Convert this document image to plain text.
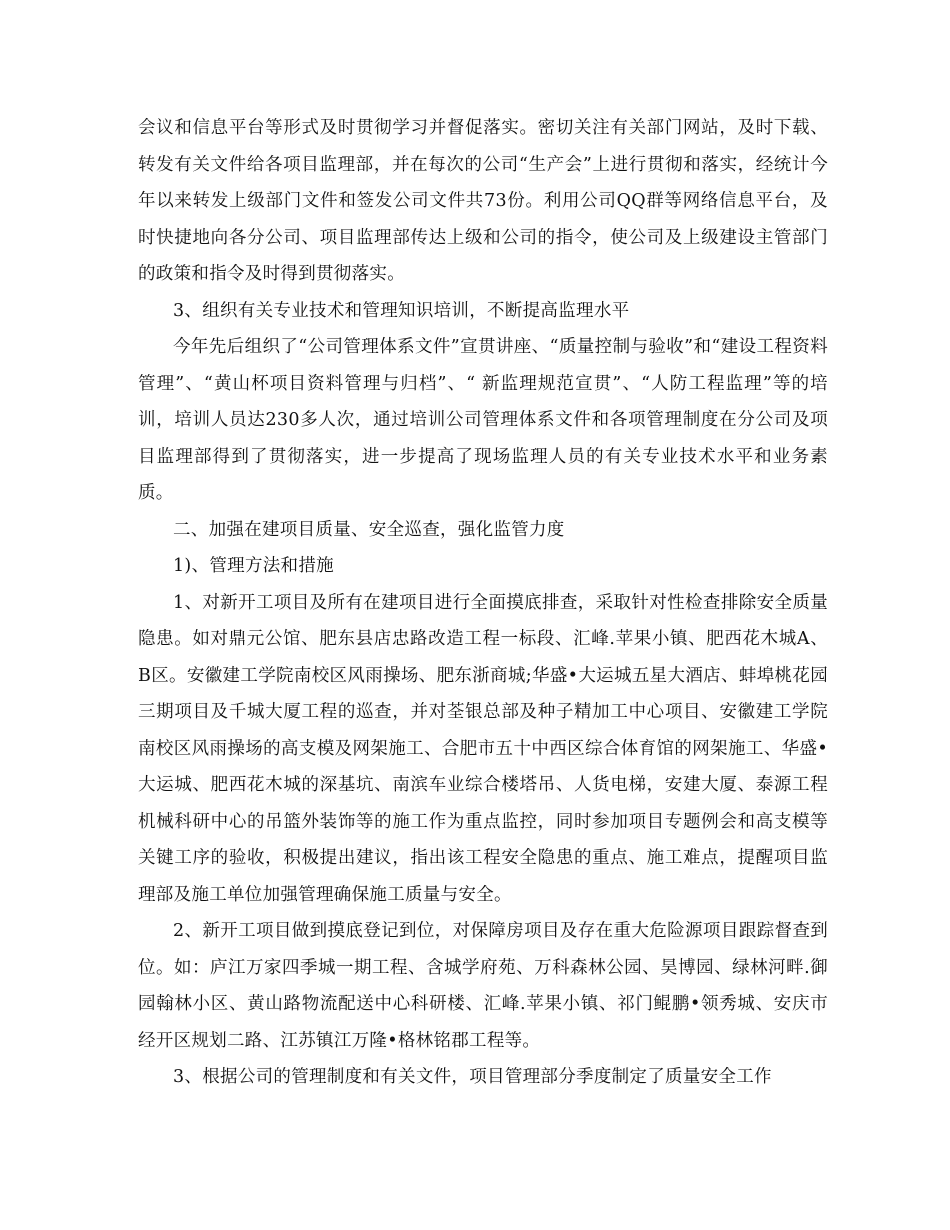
会议和信息平台等形式及时贯彻学习并督促落实。密切关注有关部门网站，及时下载、转发有关文件给各项目监理部，并在每次的公司“生产会”上进行贯彻和落实，经统计今年以来转发上级部门文件和签发公司文件共73份。利用公司QQ群等网络信息平台，及时快捷地向各分公司、项目监理部传达上级和公司的指令，使公司及上级建设主管部门的政策和指令及时得到贯彻落实。

3、组织有关专业技术和管理知识培训，不断提高监理水平

今年先后组织了“公司管理体系文件”宣贯讲座、“质量控制与验收”和“建设工程资料管理”、“黄山杯项目资料管理与归档”、“ 新监理规范宣贯”、“人防工程监理”等的培训，培训人员达230多人次，通过培训公司管理体系文件和各项管理制度在分公司及项目监理部得到了贯彻落实，进一步提高了现场监理人员的有关专业技术水平和业务素质。

二、加强在建项目质量、安全巡查，强化监管力度

1)、管理方法和措施

1、对新开工项目及所有在建项目进行全面摸底排查，采取针对性检查排除安全质量隐患。如对鼎元公馆、肥东县店忠路改造工程一标段、汇峰.苹果小镇、肥西花木城A、B区。安徽建工学院南校区风雨操场、肥东浙商城;华盛•大运城五星大酒店、蚌埠桃花园三期项目及千城大厦工程的巡查，并对荃银总部及种子精加工中心项目、安徽建工学院南校区风雨操场的高支模及网架施工、合肥市五十中西区综合体育馆的网架施工、华盛•大运城、肥西花木城的深基坑、南滨车业综合楼塔吊、人货电梯，安建大厦、泰源工程机械科研中心的吊篮外装饰等的施工作为重点监控，同时参加项目专题例会和高支模等关键工序的验收，积极提出建议，指出该工程安全隐患的重点、施工难点，提醒项目监理部及施工单位加强管理确保施工质量与安全。

2、新开工项目做到摸底登记到位，对保障房项目及存在重大危险源项目跟踪督查到位。如：庐江万家四季城一期工程、含城学府苑、万科森林公园、昊博园、绿林河畔.御园翰林小区、黄山路物流配送中心科研楼、汇峰.苹果小镇、祁门鲲鹏•领秀城、安庆市经开区规划二路、江苏镇江万隆•格林铭郡工程等。

3、根据公司的管理制度和有关文件，项目管理部分季度制定了质量安全工作
